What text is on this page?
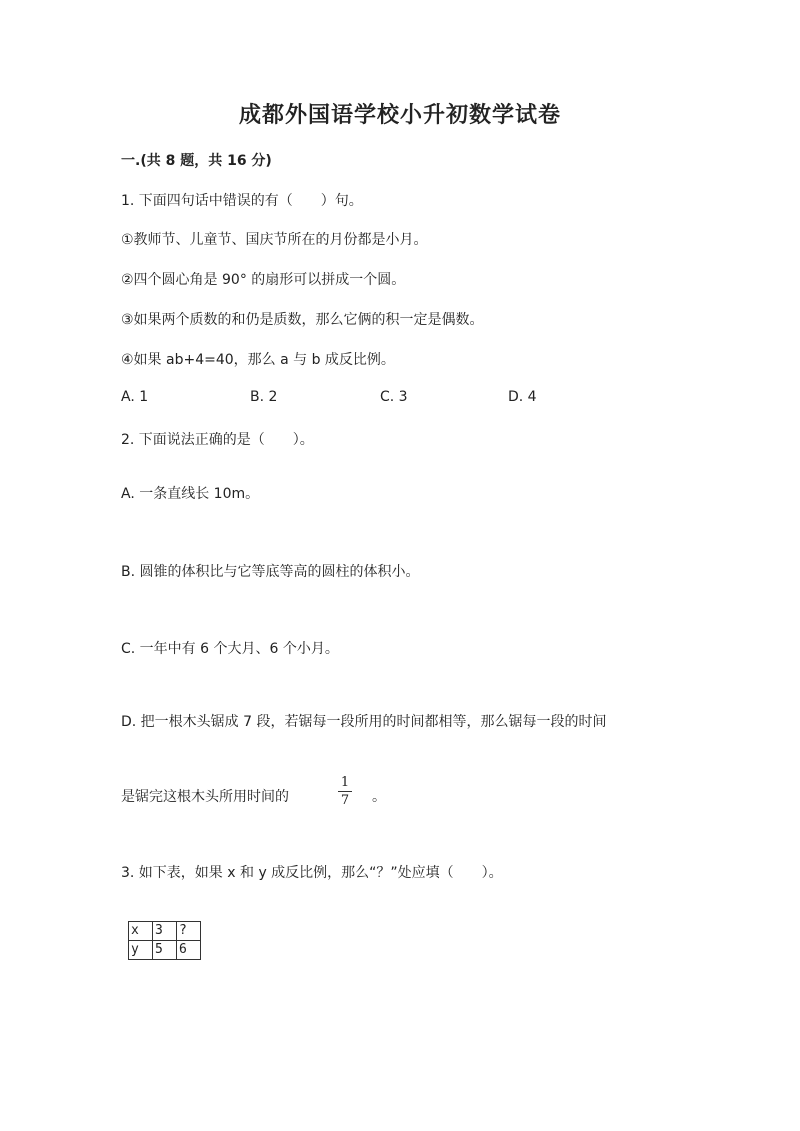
成都外国语学校小升初数学试卷
一.(共 8 题，共 16 分)
1. 下面四句话中错误的有（　　）句。
①教师节、儿童节、国庆节所在的月份都是小月。
②四个圆心角是 90° 的扇形可以拼成一个圆。
③如果两个质数的和仍是质数，那么它俩的积一定是偶数。
④如果 ab+4=40，那么 a 与 b 成反比例。
A. 1	B. 2	C. 3	D. 4
2. 下面说法正确的是（　　）。
A. 一条直线长 10m。
B. 圆锥的体积比与它等底等高的圆柱的体积小。
C. 一年中有 6 个大月、6 个小月。
D. 把一根木头锯成 7 段，若锯每一段所用的时间都相等，那么锯每一段的时间
是锯完这根木头所用时间的
1
7 。
3. 如下表，如果 x 和 y 成反比例，那么“？”处应填（　　）。
x	3	?
y	5	6
